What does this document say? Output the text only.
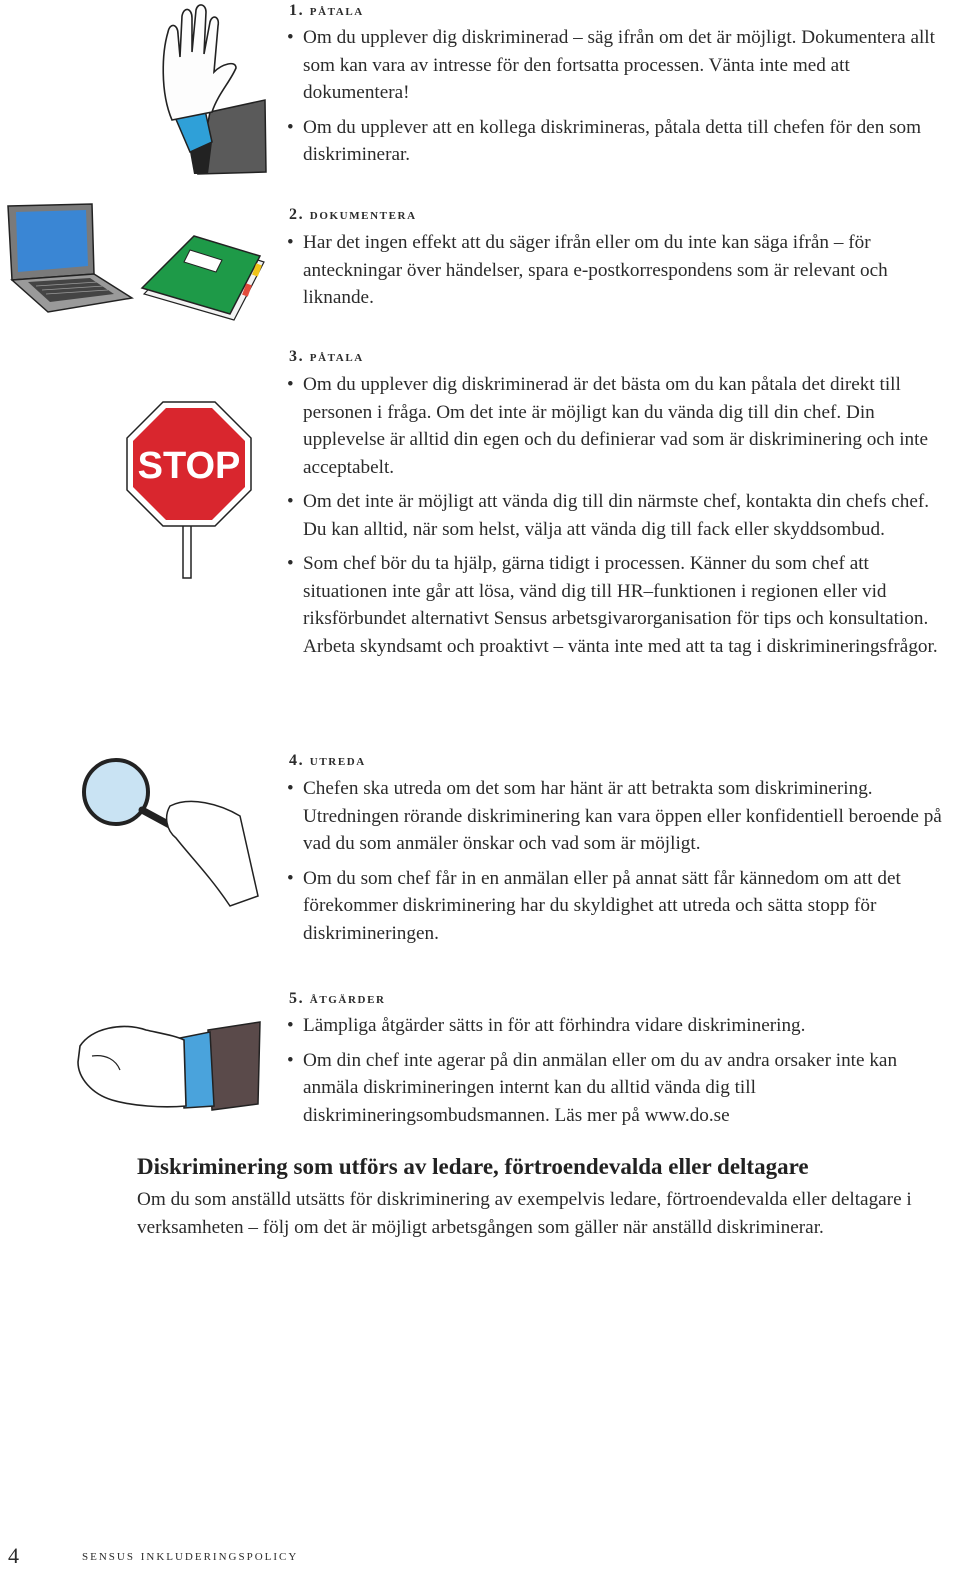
1. påtala
• Om du upplever dig diskriminerad – säg ifrån om det är möjligt. Dokumentera allt som kan vara av intresse för den fortsatta processen. Vänta inte med att dokumentera!
• Om du upplever att en kollega diskrimineras, påtala detta till chefen för den som diskriminerar.
2. dokumentera
• Har det ingen effekt att du säger ifrån eller om du inte kan säga ifrån – för anteckningar över händelser, spara e-postkorrespondens som är relevant och liknande.
STOP
3. påtala
• Om du upplever dig diskriminerad är det bästa om du kan påtala det direkt till personen i fråga. Om det inte är möjligt kan du vända dig till din chef. Din upplevelse är alltid din egen och du definierar vad som är diskriminering och inte acceptabelt.
• Om det inte är möjligt att vända dig till din närmste chef, kontakta din chefs chef. Du kan alltid, när som helst, välja att vända dig till fack eller skyddsombud.
• Som chef bör du ta hjälp, gärna tidigt i processen. Känner du som chef att situationen inte går att lösa, vänd dig till HR–funktionen i regionen eller vid riksförbundet alternativt Sensus arbetsgivarorganisation för tips och konsultation. Arbeta skyndsamt och proaktivt – vänta inte med att ta tag i diskrimineringsfrågor.
4. utreda
• Chefen ska utreda om det som har hänt är att betrakta som diskriminering. Utredningen rörande diskriminering kan vara öppen eller konfidentiell beroende på vad du som anmäler önskar och vad som är möjligt.
• Om du som chef får in en anmälan eller på annat sätt får kännedom om att det förekommer diskriminering har du skyldighet att utreda och sätta stopp för diskrimineringen.
5. åtgärder
• Lämpliga åtgärder sätts in för att förhindra vidare diskriminering.
• Om din chef inte agerar på din anmälan eller om du av andra orsaker inte kan anmäla diskrimineringen internt kan du alltid vända dig till diskrimineringsombudsmannen. Läs mer på www.do.se
Diskriminering som utförs av ledare, förtroendevalda eller deltagare

Om du som anställd utsätts för diskriminering av exempelvis ledare, förtroendevalda eller deltagare i verksamheten – följ om det är möjligt arbetsgången som gäller när anställd diskriminerar.

4	sensus inkluderingspolicy
